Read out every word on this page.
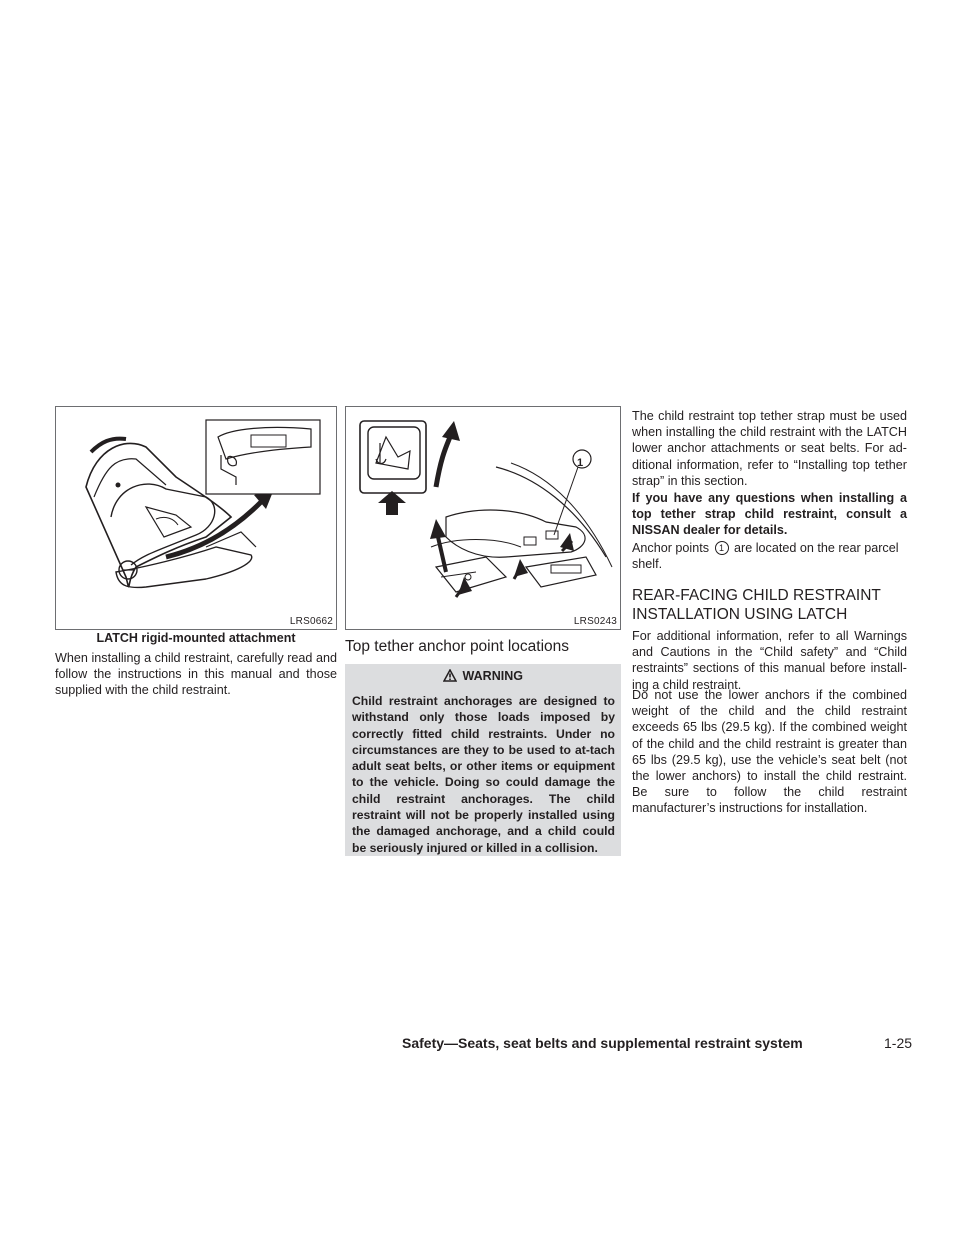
LRS0662
LATCH rigid-mounted attachment
1
LRS0243

When installing a child restraint, carefully read and follow the instructions in this manual and those supplied with the child restraint.

Top tether anchor point locations
WARNING

Child restraint anchorages are designed to withstand only those loads imposed by correctly fitted child restraints. Under no circumstances are they to be used to at-tach adult seat belts, or other items or equipment to the vehicle. Doing so could damage the child restraint anchorages. The child restraint will not be properly installed using the damaged anchorage, and a child could be seriously injured or killed in a collision.

The child restraint top tether strap must be used when installing the child restraint with the LATCH lower anchor attachments or seat belts. For ad-ditional information, refer to “Installing top tether strap” in this section.

If you have any questions when installing a top tether strap child restraint, consult a NISSAN dealer for details.

Anchor points 1 are located on the rear parcel shelf.

REAR-FACING CHILD RESTRAINT INSTALLATION USING LATCH

For additional information, refer to all Warnings and Cautions in the “Child safety” and “Child restraints” sections of this manual before install-ing a child restraint.

Do not use the lower anchors if the combined weight of the child and the child restraint exceeds 65 lbs (29.5 kg). If the combined weight of the child and the child restraint is greater than 65 lbs (29.5 kg), use the vehicle’s seat belt (not the lower anchors) to install the child restraint. Be sure to follow the child restraint manufacturer’s instructions for installation.

Safety—Seats, seat belts and supplemental restraint system	1-25
